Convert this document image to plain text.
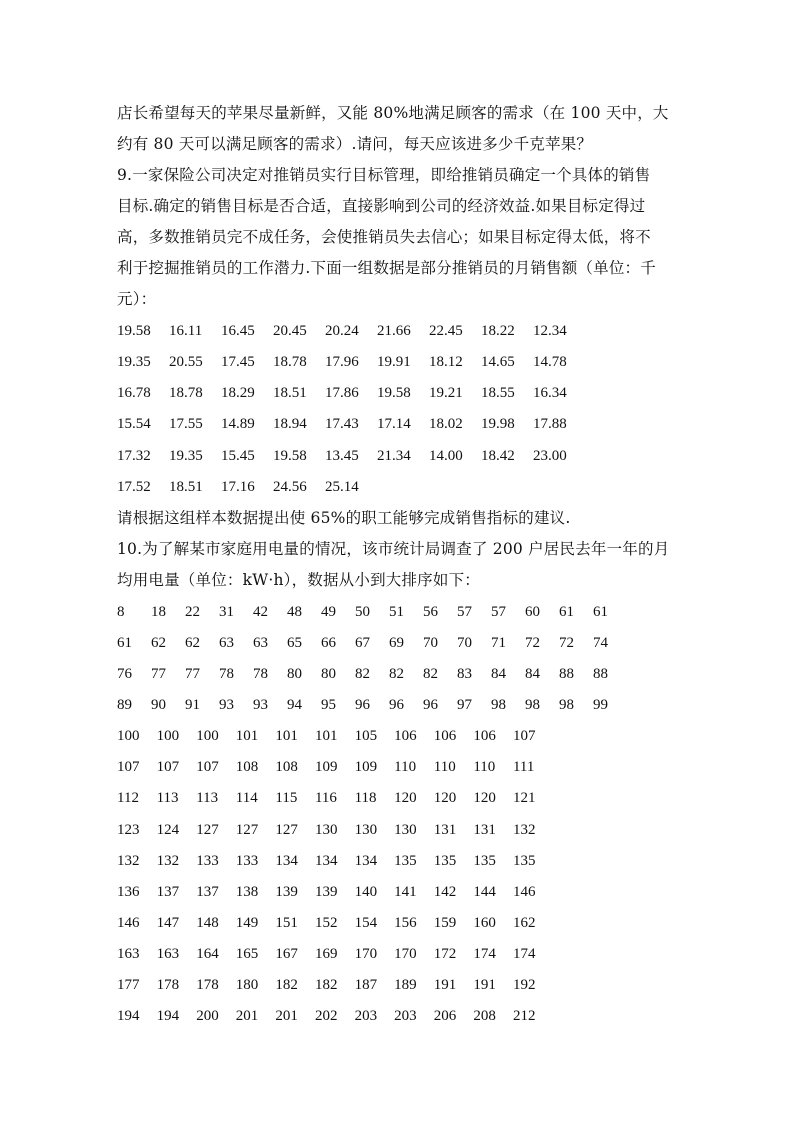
店长希望每天的苹果尽量新鲜，又能 80%地满足顾客的需求（在 100 天中，大
约有 80 天可以满足顾客的需求）.请问，每天应该进多少千克苹果？
9.一家保险公司决定对推销员实行目标管理，即给推销员确定一个具体的销售
目标.确定的销售目标是否合适，直接影响到公司的经济效益.如果目标定得过
高，多数推销员完不成任务，会使推销员失去信心；如果目标定得太低，将不
利于挖掘推销员的工作潜力.下面一组数据是部分推销员的月销售额（单位：千
元）：
19.58 16.11 16.45 20.45 20.24 21.66 22.45 18.22 12.34
19.35 20.55 17.45 18.78 17.96 19.91 18.12 14.65 14.78
16.78 18.78 18.29 18.51 17.86 19.58 19.21 18.55 16.34
15.54 17.55 14.89 18.94 17.43 17.14 18.02 19.98 17.88
17.32 19.35 15.45 19.58 13.45 21.34 14.00 18.42 23.00
17.52 18.51 17.16 24.56 25.14
请根据这组样本数据提出使 65%的职工能够完成销售指标的建议.
10.为了解某市家庭用电量的情况，该市统计局调查了 200 户居民去年一年的月
均用电量（单位：kW·h），数据从小到大排序如下：
8 18 22 31 42 48 49 50 51 56 57 57 60 61 61
61 62 62 63 63 65 66 67 69 70 70 71 72 72 74
76 77 77 78 78 80 80 82 82 82 83 84 84 88 88
89 90 91 93 93 94 95 96 96 96 97 98 98 98 99
100 100 100 101 101 101 105 106 106 106 107
107 107 107 108 108 109 109 110 110 110 111
112 113 113 114 115 116 118 120 120 120 121
123 124 127 127 127 130 130 130 131 131 132
132 132 133 133 134 134 134 135 135 135 135
136 137 137 138 139 139 140 141 142 144 146
146 147 148 149 151 152 154 156 159 160 162
163 163 164 165 167 169 170 170 172 174 174
177 178 178 180 182 182 187 189 191 191 192
194 194 200 201 201 202 203 203 206 208 212
